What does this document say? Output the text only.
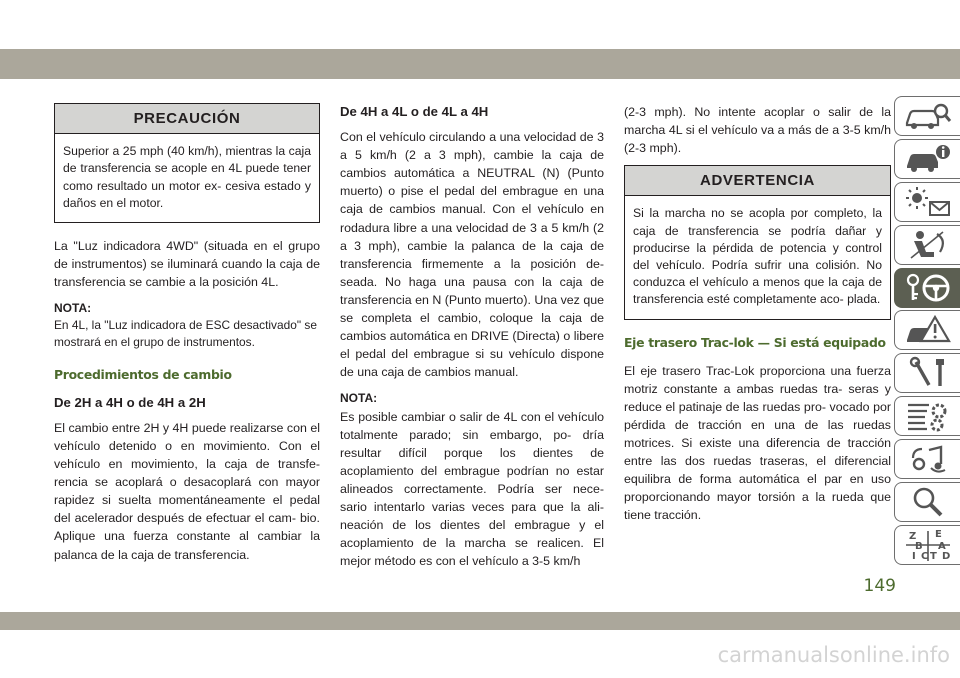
PRECAUCIÓN
Superior a 25 mph (40 km/h), mientras la caja de transferencia se acople en 4L puede tener como resultado un motor ex- cesiva estado y daños en el motor.

La "Luz indicadora 4WD" (situada en el grupo de instrumentos) se iluminará cuando la caja de transferencia se cambie a la posición 4L.

NOTA:
En 4L, la "Luz indicadora de ESC desactivado" se mostrará en el grupo de instrumentos.
Procedimientos de cambio
De 2H a 4H o de 4H a 2H

El cambio entre 2H y 4H puede realizarse con el vehículo detenido o en movimiento. Con el vehículo en movimiento, la caja de transfe- rencia se acoplará o desacoplará con mayor rapidez si suelta momentáneamente el pedal del acelerador después de efectuar el cam- bio. Aplique una fuerza constante al cambiar la palanca de la caja de transferencia.

De 4H a 4L o de 4L a 4H

Con el vehículo circulando a una velocidad de 3 a 5 km/h (2 a 3 mph), cambie la caja de cambios automática a NEUTRAL (N) (Punto muerto) o pise el pedal del embrague en una caja de cambios manual. Con el vehículo en rodadura libre a una velocidad de 3 a 5 km/h (2 a 3 mph), cambie la palanca de la caja de transferencia firmemente a la posición de- seada. No haga una pausa con la caja de transferencia en N (Punto muerto). Una vez que se completa el cambio, coloque la caja de cambios automática en DRIVE (Directa) o libere el pedal del embrague si su vehículo dispone de una caja de cambios manual.

NOTA:

Es posible cambiar o salir de 4L con el vehículo totalmente parado; sin embargo, po- dría resultar difícil porque los dientes de acoplamiento del embrague podrían no estar alineados correctamente. Podría ser nece- sario intentarlo varias veces para que la ali- neación de los dientes del embrague y el acoplamiento de la marcha se realicen. El mejor método es con el vehículo a 3-5 km/h

(2-3 mph). No intente acoplar o salir de la marcha 4L si el vehículo va a más de a 3-5 km/h (2-3 mph).

ADVERTENCIA
Si la marcha no se acopla por completo, la caja de transferencia se podría dañar y producirse la pérdida de potencia y control del vehículo. Podría sufrir una colisión. No conduzca el vehículo a menos que la caja de transferencia esté completamente aco- plada.
Eje trasero Trac-lok — Si está equipado

El eje trasero Trac-Lok proporciona una fuerza motriz constante a ambas ruedas tra- seras y reduce el patinaje de las ruedas pro- vocado por pérdida de tracción en una de las ruedas motrices. Si existe una diferencia de tracción entre las dos ruedas traseras, el diferencial equilibra de forma automática el par en uso proporcionando mayor torsión a la rueda que tiene tracción.

Z E
B A
C D
I T
149
carmanualsonline.info
